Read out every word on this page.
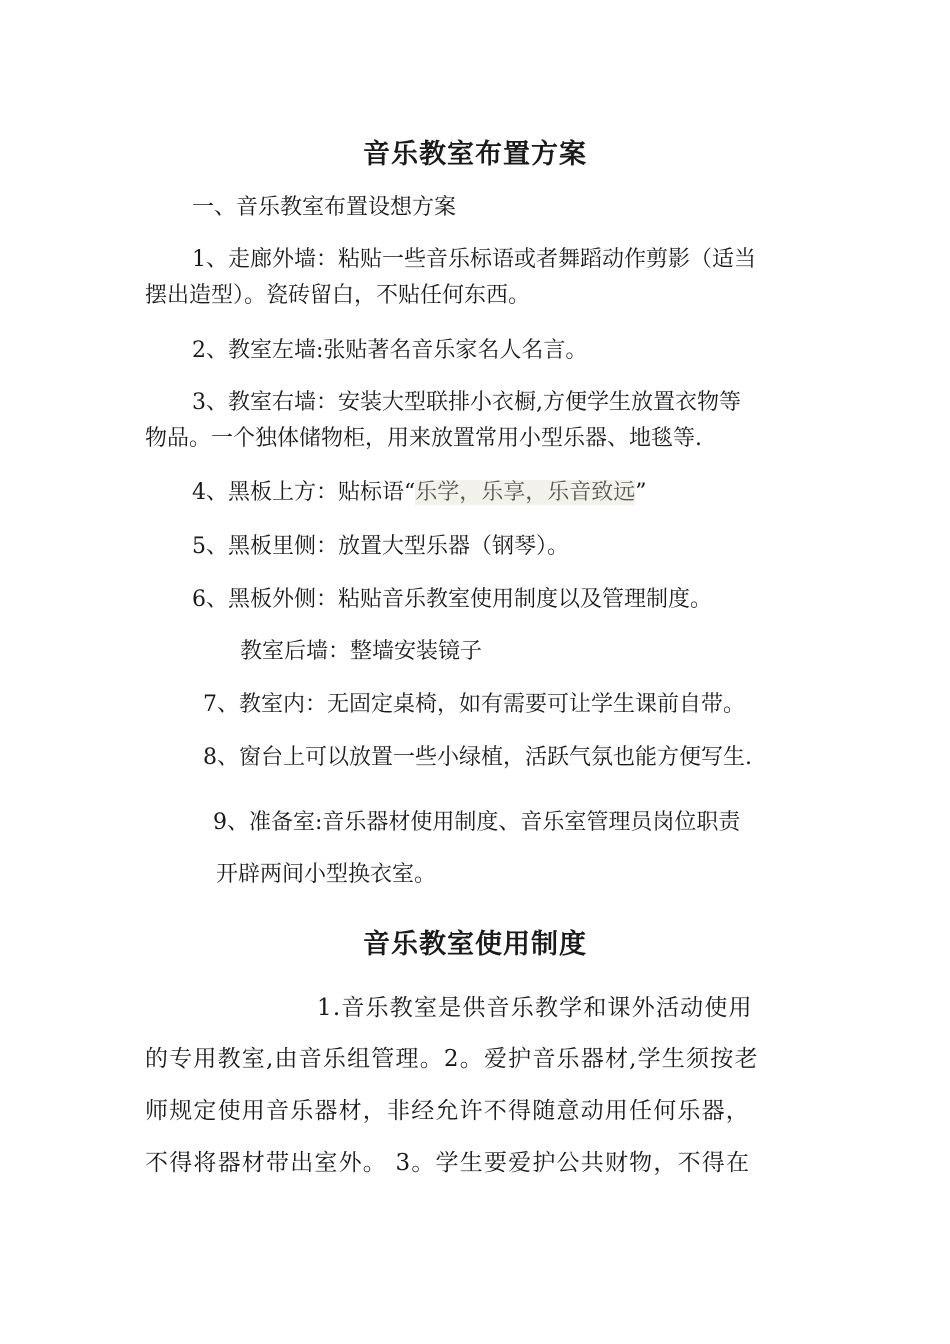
音乐教室布置方案

一、音乐教室布置设想方案

1、走廊外墙：粘贴一些音乐标语或者舞蹈动作剪影（适当
摆出造型）。瓷砖留白，不贴任何东西。

2、教室左墙:张贴著名音乐家名人名言。

3、教室右墙：安装大型联排小衣橱,方便学生放置衣物等
物品。一个独体储物柜，用来放置常用小型乐器、地毯等.

4、黑板上方：贴标语“乐学，乐享，乐音致远”

5、黑板里侧：放置大型乐器（钢琴）。

6、黑板外侧：粘贴音乐教室使用制度以及管理制度。

教室后墙：整墙安装镜子

7、教室内：无固定桌椅，如有需要可让学生课前自带。

8、窗台上可以放置一些小绿植，活跃气氛也能方便写生.

9、准备室:音乐器材使用制度、音乐室管理员岗位职责

开辟两间小型换衣室。

音乐教室使用制度

1.音乐教室是供音乐教学和课外活动使用

的专用教室,由音乐组管理。2。爱护音乐器材,学生须按老

师规定使用音乐器材，非经允许不得随意动用任何乐器，

不得将器材带出室外。 3。学生要爱护公共财物，不得在
